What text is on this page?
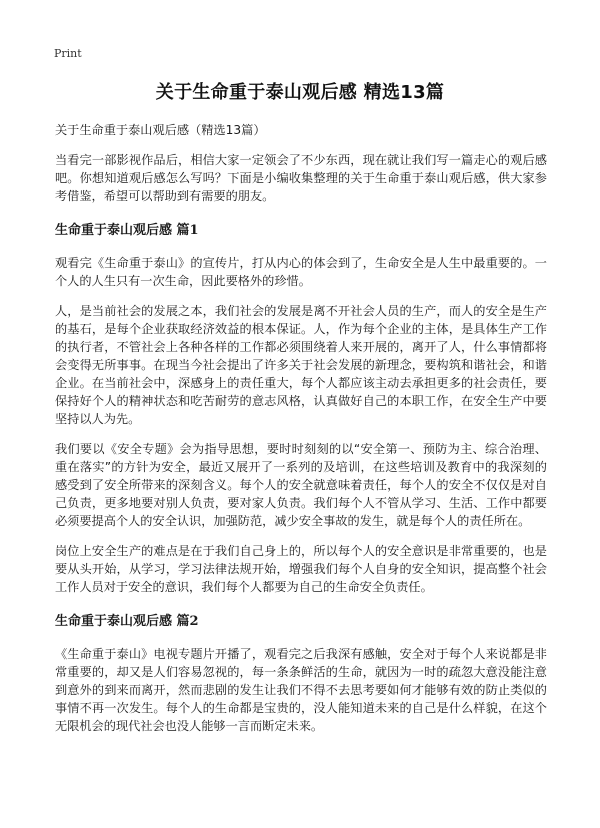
Print
关于生命重于泰山观后感 精选13篇
关于生命重于泰山观后感（精选13篇）

当看完一部影视作品后，相信大家一定领会了不少东西，现在就让我们写一篇走心的观后感吧。你想知道观后感怎么写吗？下面是小编收集整理的关于生命重于泰山观后感，供大家参考借鉴，希望可以帮助到有需要的朋友。

生命重于泰山观后感 篇1

观看完《生命重于泰山》的宣传片，打从内心的体会到了，生命安全是人生中最重要的。一个人的人生只有一次生命，因此要格外的珍惜。

人，是当前社会的发展之本，我们社会的发展是离不开社会人员的生产，而人的安全是生产的基石，是每个企业获取经济效益的根本保证。人，作为每个企业的主体，是具体生产工作的执行者，不管社会上各种各样的工作都必须围绕着人来开展的，离开了人，什么事情都将会变得无所事事。在现当今社会提出了许多关于社会发展的新理念，要构筑和谐社会，和谐企业。在当前社会中，深感身上的责任重大，每个人都应该主动去承担更多的社会责任，要保持好个人的精神状态和吃苦耐劳的意志风格，认真做好自己的本职工作，在安全生产中要坚持以人为先。

我们要以《安全专题》会为指导思想，要时时刻刻的以“安全第一、预防为主、综合治理、重在落实”的方针为安全，最近又展开了一系列的及培训，在这些培训及教育中的我深刻的感受到了安全所带来的深刻含义。每个人的安全就意味着责任，每个人的安全不仅仅是对自己负责，更多地要对别人负责，要对家人负责。我们每个人不管从学习、生活、工作中都要必须要提高个人的安全认识，加强防范，减少安全事故的发生，就是每个人的责任所在。

岗位上安全生产的难点是在于我们自己身上的，所以每个人的安全意识是非常重要的，也是要从头开始，从学习，学习法律法规开始，增强我们每个人自身的安全知识，提高整个社会工作人员对于安全的意识，我们每个人都要为自己的生命安全负责任。

生命重于泰山观后感 篇2

《生命重于泰山》电视专题片开播了，观看完之后我深有感触，安全对于每个人来说都是非常重要的，却又是人们容易忽视的，每一条条鲜活的生命，就因为一时的疏忽大意没能注意到意外的到来而离开，然而悲剧的发生让我们不得不去思考要如何才能够有效的防止类似的事情不再一次发生。每个人的生命都是宝贵的，没人能知道未来的自己是什么样貌，在这个无限机会的现代社会也没人能够一言而断定未来。
